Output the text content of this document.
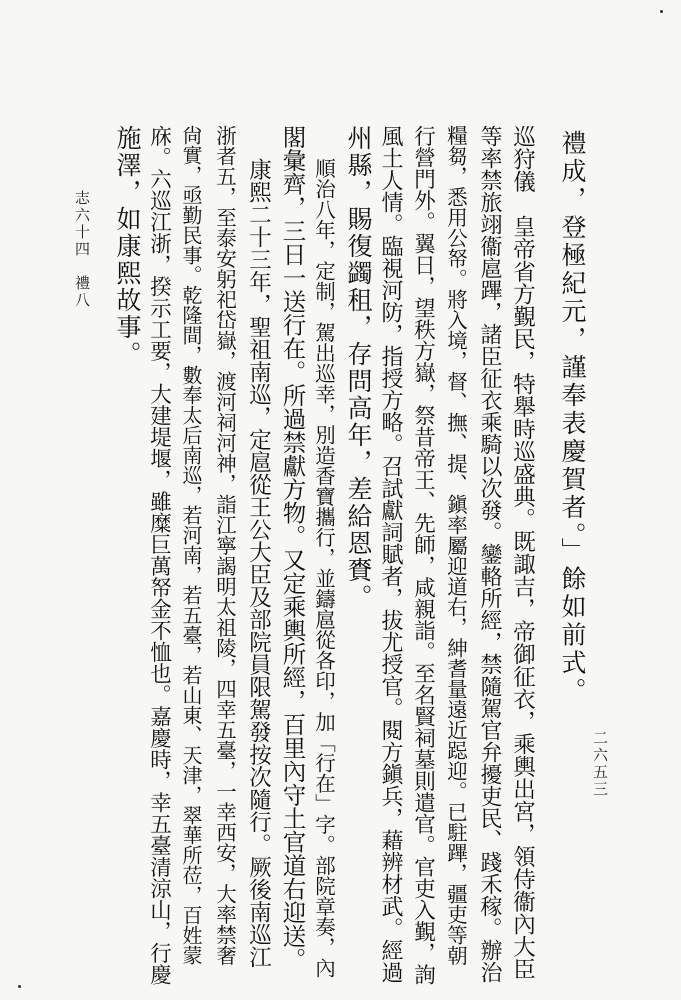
禮成，登極紀元，謹奉表慶賀者。」餘如前式。
巡狩儀　皇帝省方覲民，特舉時巡盛典。既諏吉，帝御征衣，乘輿出宮，領侍衞內大臣
等率禁旅翊衞扈蹕，諸臣征衣乘騎以次發。鑾輅所經，禁隨駕官弁擾吏民、踐禾稼。辦治
糧芻，悉用公帑。將入境，督、撫、提、鎭率屬迎道右，紳耆量遠近跽迎。已駐蹕，疆吏等朝
行營門外。翼日，望秩方嶽，祭昔帝王、先師，咸親詣。至名賢祠墓則遣官。官吏入覲，詢
風土人情。臨視河防，指授方略。召試獻詞賦者，拔尤授官。閱方鎭兵，藉辨材武。經過
州縣，賜復蠲租，存問高年，差給恩賚。
順治八年，定制，駕出巡幸，別造香寶攜行，並鑄扈從各印，加「行在」字。部院章奏，內
閣彙齊，三日一送行在。所過禁獻方物。又定乘輿所經，百里內守土官道右迎送。
康熙二十三年，聖祖南巡，定扈從王公大臣及部院員限駕發按次隨行。厥後南巡江
浙者五，至泰安躬祀岱嶽，渡河祠河神，詣江寧謁明太祖陵，四幸五臺，一幸西安，大率禁奢
尙實，亟勤民事。乾隆間，數奉太后南巡，若河南，若五臺，若山東、天津，翠華所莅，百姓蒙
庥。六巡江浙，揆示工要，大建堤堰，雖糜巨萬帑金不恤也。嘉慶時，幸五臺清涼山，行慶
施澤，如康熙故事。
志六十四　禮八
二六五三
